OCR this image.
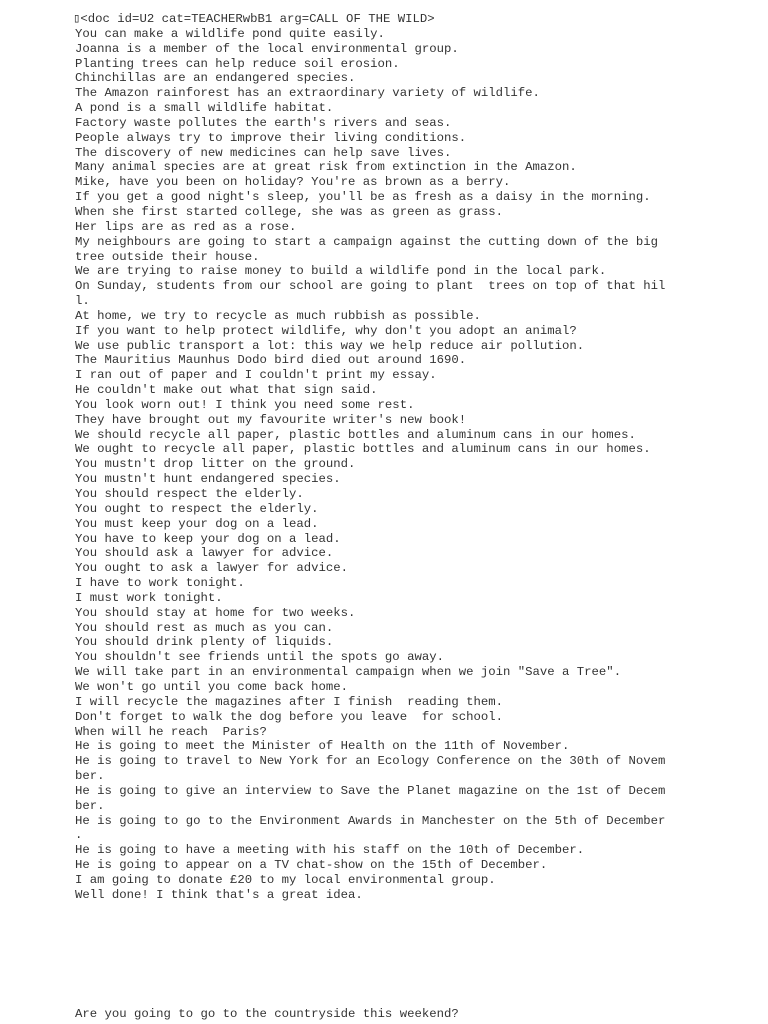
▯<doc id=U2 cat=TEACHERwbB1 arg=CALL OF THE WILD>
You can make a wildlife pond quite easily.
Joanna is a member of the local environmental group.
Planting trees can help reduce soil erosion.
Chinchillas are an endangered species.
The Amazon rainforest has an extraordinary variety of wildlife.
A pond is a small wildlife habitat.
Factory waste pollutes the earth's rivers and seas.
People always try to improve their living conditions.
The discovery of new medicines can help save lives.
Many animal species are at great risk from extinction in the Amazon.
Mike, have you been on holiday? You're as brown as a berry.
If you get a good night's sleep, you'll be as fresh as a daisy in the morning.
When she first started college, she was as green as grass.
Her lips are as red as a rose.
My neighbours are going to start a campaign against the cutting down of the big
tree outside their house.
We are trying to raise money to build a wildlife pond in the local park.
On Sunday, students from our school are going to plant  trees on top of that hil
l.
At home, we try to recycle as much rubbish as possible.
If you want to help protect wildlife, why don't you adopt an animal?
We use public transport a lot: this way we help reduce air pollution.
The Mauritius Maunhus Dodo bird died out around 1690.
I ran out of paper and I couldn't print my essay.
He couldn't make out what that sign said.
You look worn out! I think you need some rest.
They have brought out my favourite writer's new book!
We should recycle all paper, plastic bottles and aluminum cans in our homes.
We ought to recycle all paper, plastic bottles and aluminum cans in our homes.
You mustn't drop litter on the ground.
You mustn't hunt endangered species.
You should respect the elderly.
You ought to respect the elderly.
You must keep your dog on a lead.
You have to keep your dog on a lead.
You should ask a lawyer for advice.
You ought to ask a lawyer for advice.
I have to work tonight.
I must work tonight.
You should stay at home for two weeks.
You should rest as much as you can.
You should drink plenty of liquids.
You shouldn't see friends until the spots go away.
We will take part in an environmental campaign when we join "Save a Tree".
We won't go until you come back home.
I will recycle the magazines after I finish  reading them.
Don't forget to walk the dog before you leave  for school.
When will he reach  Paris?
He is going to meet the Minister of Health on the 11th of November.
He is going to travel to New York for an Ecology Conference on the 30th of Novem
ber.
He is going to give an interview to Save the Planet magazine on the 1st of Decem
ber.
He is going to go to the Environment Awards in Manchester on the 5th of December
.
He is going to have a meeting with his staff on the 10th of December.
He is going to appear on a TV chat-show on the 15th of December.
I am going to donate £20 to my local environmental group.
Well done! I think that's a great idea.
Are you going to go to the countryside this weekend?
